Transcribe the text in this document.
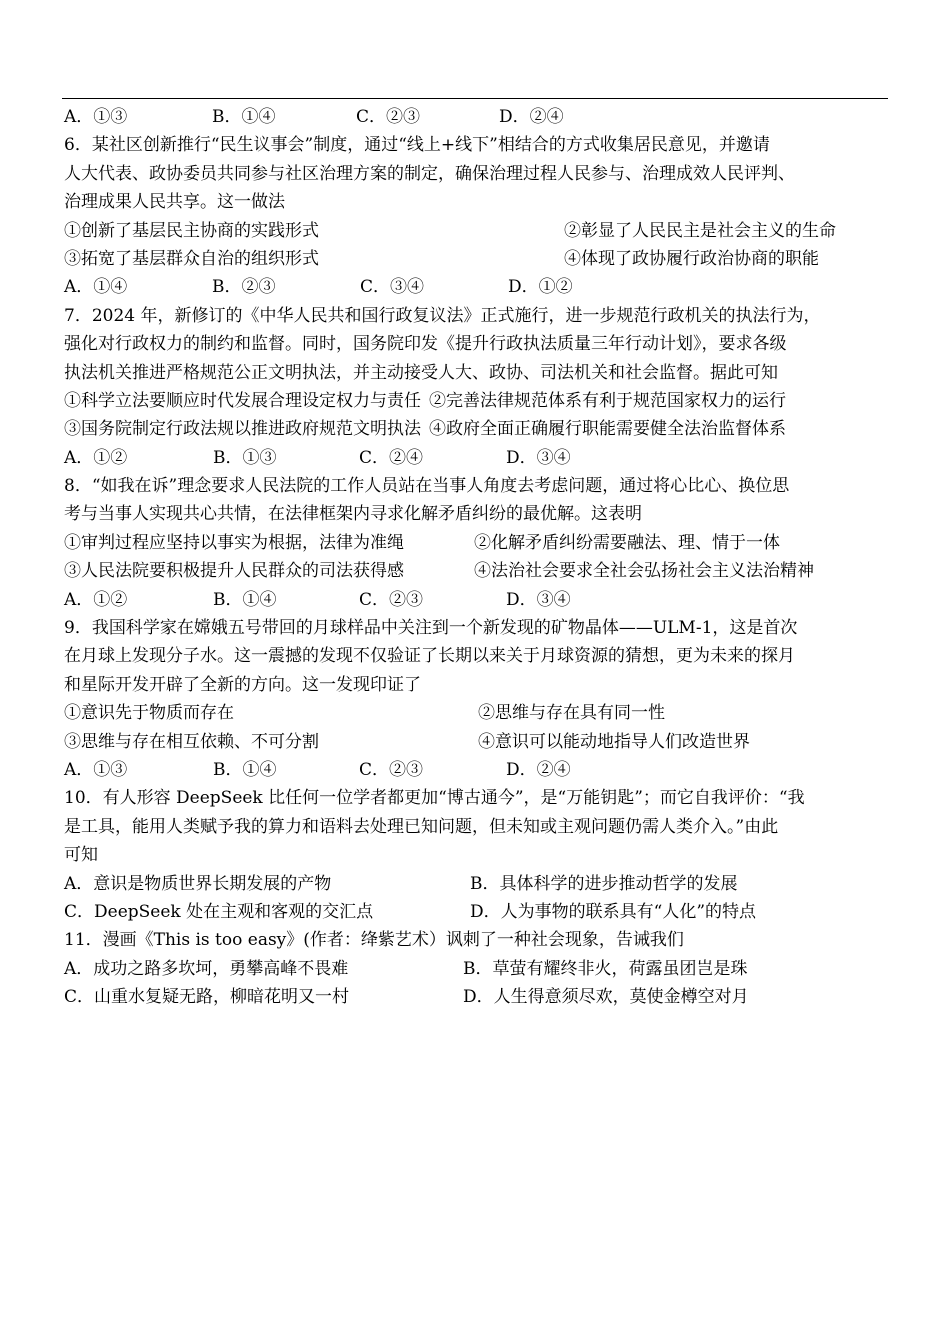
A．①③	B．①④	C．②③	D．②④
6．某社区创新推行“民生议事会”制度，通过“线上+线下”相结合的方式收集居民意见，并邀请
人大代表、政协委员共同参与社区治理方案的制定，确保治理过程人民参与、治理成效人民评判、
治理成果人民共享。这一做法
①创新了基层民主协商的实践形式	②彰显了人民民主是社会主义的生命
③拓宽了基层群众自治的组织形式	④体现了政协履行政治协商的职能
A．①④	B．②③	C．③④	D．①②
7．2024 年，新修订的《中华人民共和国行政复议法》正式施行，进一步规范行政机关的执法行为，
强化对行政权力的制约和监督。同时，国务院印发《提升行政执法质量三年行动计划》，要求各级
执法机关推进严格规范公正文明执法，并主动接受人大、政协、司法机关和社会监督。据此可知
①科学立法要顺应时代发展合理设定权力与责任 ②完善法律规范体系有利于规范国家权力的运行
③国务院制定行政法规以推进政府规范文明执法 ④政府全面正确履行职能需要健全法治监督体系
A．①②	B．①③	C．②④	D．③④
8．“如我在诉”理念要求人民法院的工作人员站在当事人角度去考虑问题，通过将心比心、换位思
考与当事人实现共心共情，在法律框架内寻求化解矛盾纠纷的最优解。这表明
①审判过程应坚持以事实为根据，法律为准绳	②化解矛盾纠纷需要融法、理、情于一体
③人民法院要积极提升人民群众的司法获得感	④法治社会要求全社会弘扬社会主义法治精神
A．①②	B．①④	C．②③	D．③④
9．我国科学家在嫦娥五号带回的月球样品中关注到一个新发现的矿物晶体——ULM-1，这是首次
在月球上发现分子水。这一震撼的发现不仅验证了长期以来关于月球资源的猜想，更为未来的探月
和星际开发开辟了全新的方向。这一发现印证了
①意识先于物质而存在	②思维与存在具有同一性
③思维与存在相互依赖、不可分割	④意识可以能动地指导人们改造世界
A．①③	B．①④	C．②③	D．②④
10．有人形容 DeepSeek 比任何一位学者都更加“博古通今”，是“万能钥匙”；而它自我评价：“我
是工具，能用人类赋予我的算力和语料去处理已知问题，但未知或主观问题仍需人类介入。”由此
可知
A．意识是物质世界长期发展的产物	B．具体科学的进步推动哲学的发展
C．DeepSeek 处在主观和客观的交汇点	D．人为事物的联系具有“人化”的特点
11．漫画《This is too easy》(作者：绛紫艺术）讽刺了一种社会现象，告诫我们
A．成功之路多坎坷，勇攀高峰不畏难	B．草萤有耀终非火，荷露虽团岂是珠
C．山重水复疑无路，柳暗花明又一村	D．人生得意须尽欢，莫使金樽空对月
